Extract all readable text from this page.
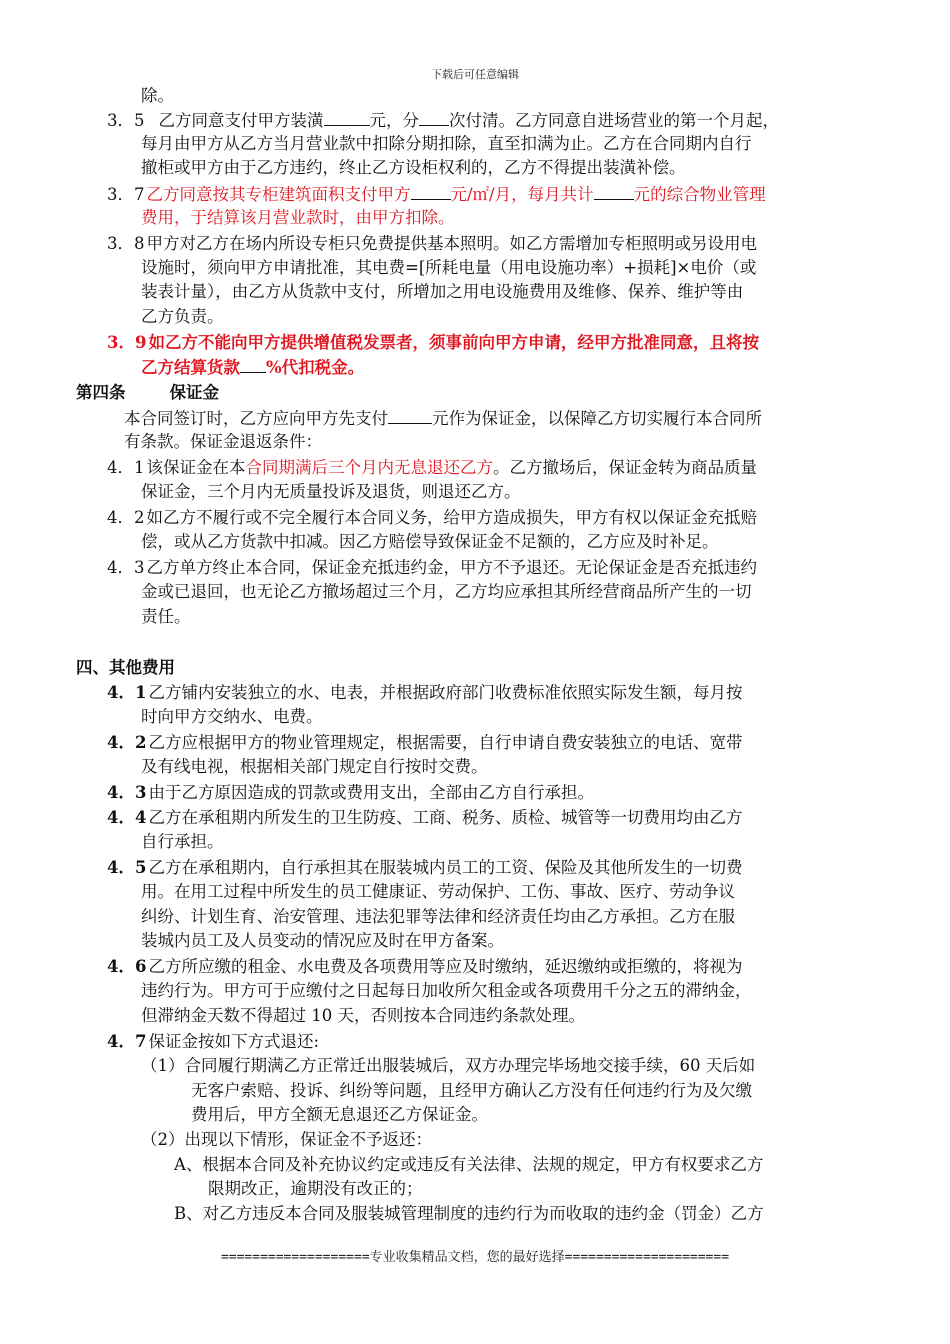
下载后可任意编辑
除。
3．5 乙方同意支付甲方装潢	元，分 次付清。乙方同意自进场营业的第一个月起，
每月由甲方从乙方当月营业款中扣除分期扣除，直至扣满为止。乙方在合同期内自行
撤柜或甲方由于乙方违约，终止乙方设柜权利的，乙方不得提出装潢补偿。
3．7 乙方同意按其专柜建筑面积支付甲方 元/㎡/月，每月共计 元的综合物业管理
费用，于结算该月营业款时，由甲方扣除。
3．8 甲方对乙方在场内所设专柜只免费提供基本照明。如乙方需增加专柜照明或另设用电
设施时，须向甲方申请批准，其电费=[所耗电量（用电设施功率）+损耗]×电价（或
装表计量），由乙方从货款中支付，所增加之用电设施费用及维修、保养、维护等由
乙方负责。
3．9 如乙方不能向甲方提供增值税发票者，须事前向甲方申请，经甲方批准同意，且将按
乙方结算货款 %代扣税金。
第四条	保证金
本合同签订时，乙方应向甲方先支付	元作为保证金，以保障乙方切实履行本合同所
有条款。保证金退返条件：
4．1 该保证金在本合同期满后三个月内无息退还乙方。乙方撤场后，保证金转为商品质量
保证金，三个月内无质量投诉及退货，则退还乙方。
4．2 如乙方不履行或不完全履行本合同义务，给甲方造成损失，甲方有权以保证金充抵赔
偿，或从乙方货款中扣减。因乙方赔偿导致保证金不足额的，乙方应及时补足。
4．3 乙方单方终止本合同，保证金充抵违约金，甲方不予退还。无论保证金是否充抵违约
金或已退回，也无论乙方撤场超过三个月，乙方均应承担其所经营商品所产生的一切
责任。
四、其他费用
4．1 乙方铺内安装独立的水、电表，并根据政府部门收费标准依照实际发生额，每月按
时向甲方交纳水、电费。
4．2 乙方应根据甲方的物业管理规定，根据需要，自行申请自费安装独立的电话、宽带
及有线电视，根据相关部门规定自行按时交费。
4．3 由于乙方原因造成的罚款或费用支出，全部由乙方自行承担。
4．4 乙方在承租期内所发生的卫生防疫、工商、税务、质检、城管等一切费用均由乙方
自行承担。
4．5 乙方在承租期内，自行承担其在服装城内员工的工资、保险及其他所发生的一切费
用。在用工过程中所发生的员工健康证、劳动保护、工伤、事故、医疗、劳动争议
纠纷、计划生育、治安管理、违法犯罪等法律和经济责任均由乙方承担。乙方在服
装城内员工及人员变动的情况应及时在甲方备案。
4．6 乙方所应缴的租金、水电费及各项费用等应及时缴纳，延迟缴纳或拒缴的，将视为
违约行为。甲方可于应缴付之日起每日加收所欠租金或各项费用千分之五的滞纳金，
但滞纳金天数不得超过 10 天，否则按本合同违约条款处理。
4．7 保证金按如下方式退还:
（1）合同履行期满乙方正常迁出服装城后，双方办理完毕场地交接手续，60 天后如
无客户索赔、投诉、纠纷等问题，且经甲方确认乙方没有任何违约行为及欠缴
费用后，甲方全额无息退还乙方保证金。
（2）出现以下情形，保证金不予返还：
A、根据本合同及补充协议约定或违反有关法律、法规的规定，甲方有权要求乙方
限期改正，逾期没有改正的；
B、对乙方违反本合同及服装城管理制度的违约行为而收取的违约金（罚金）乙方
===================专业收集精品文档，您的最好选择=====================
